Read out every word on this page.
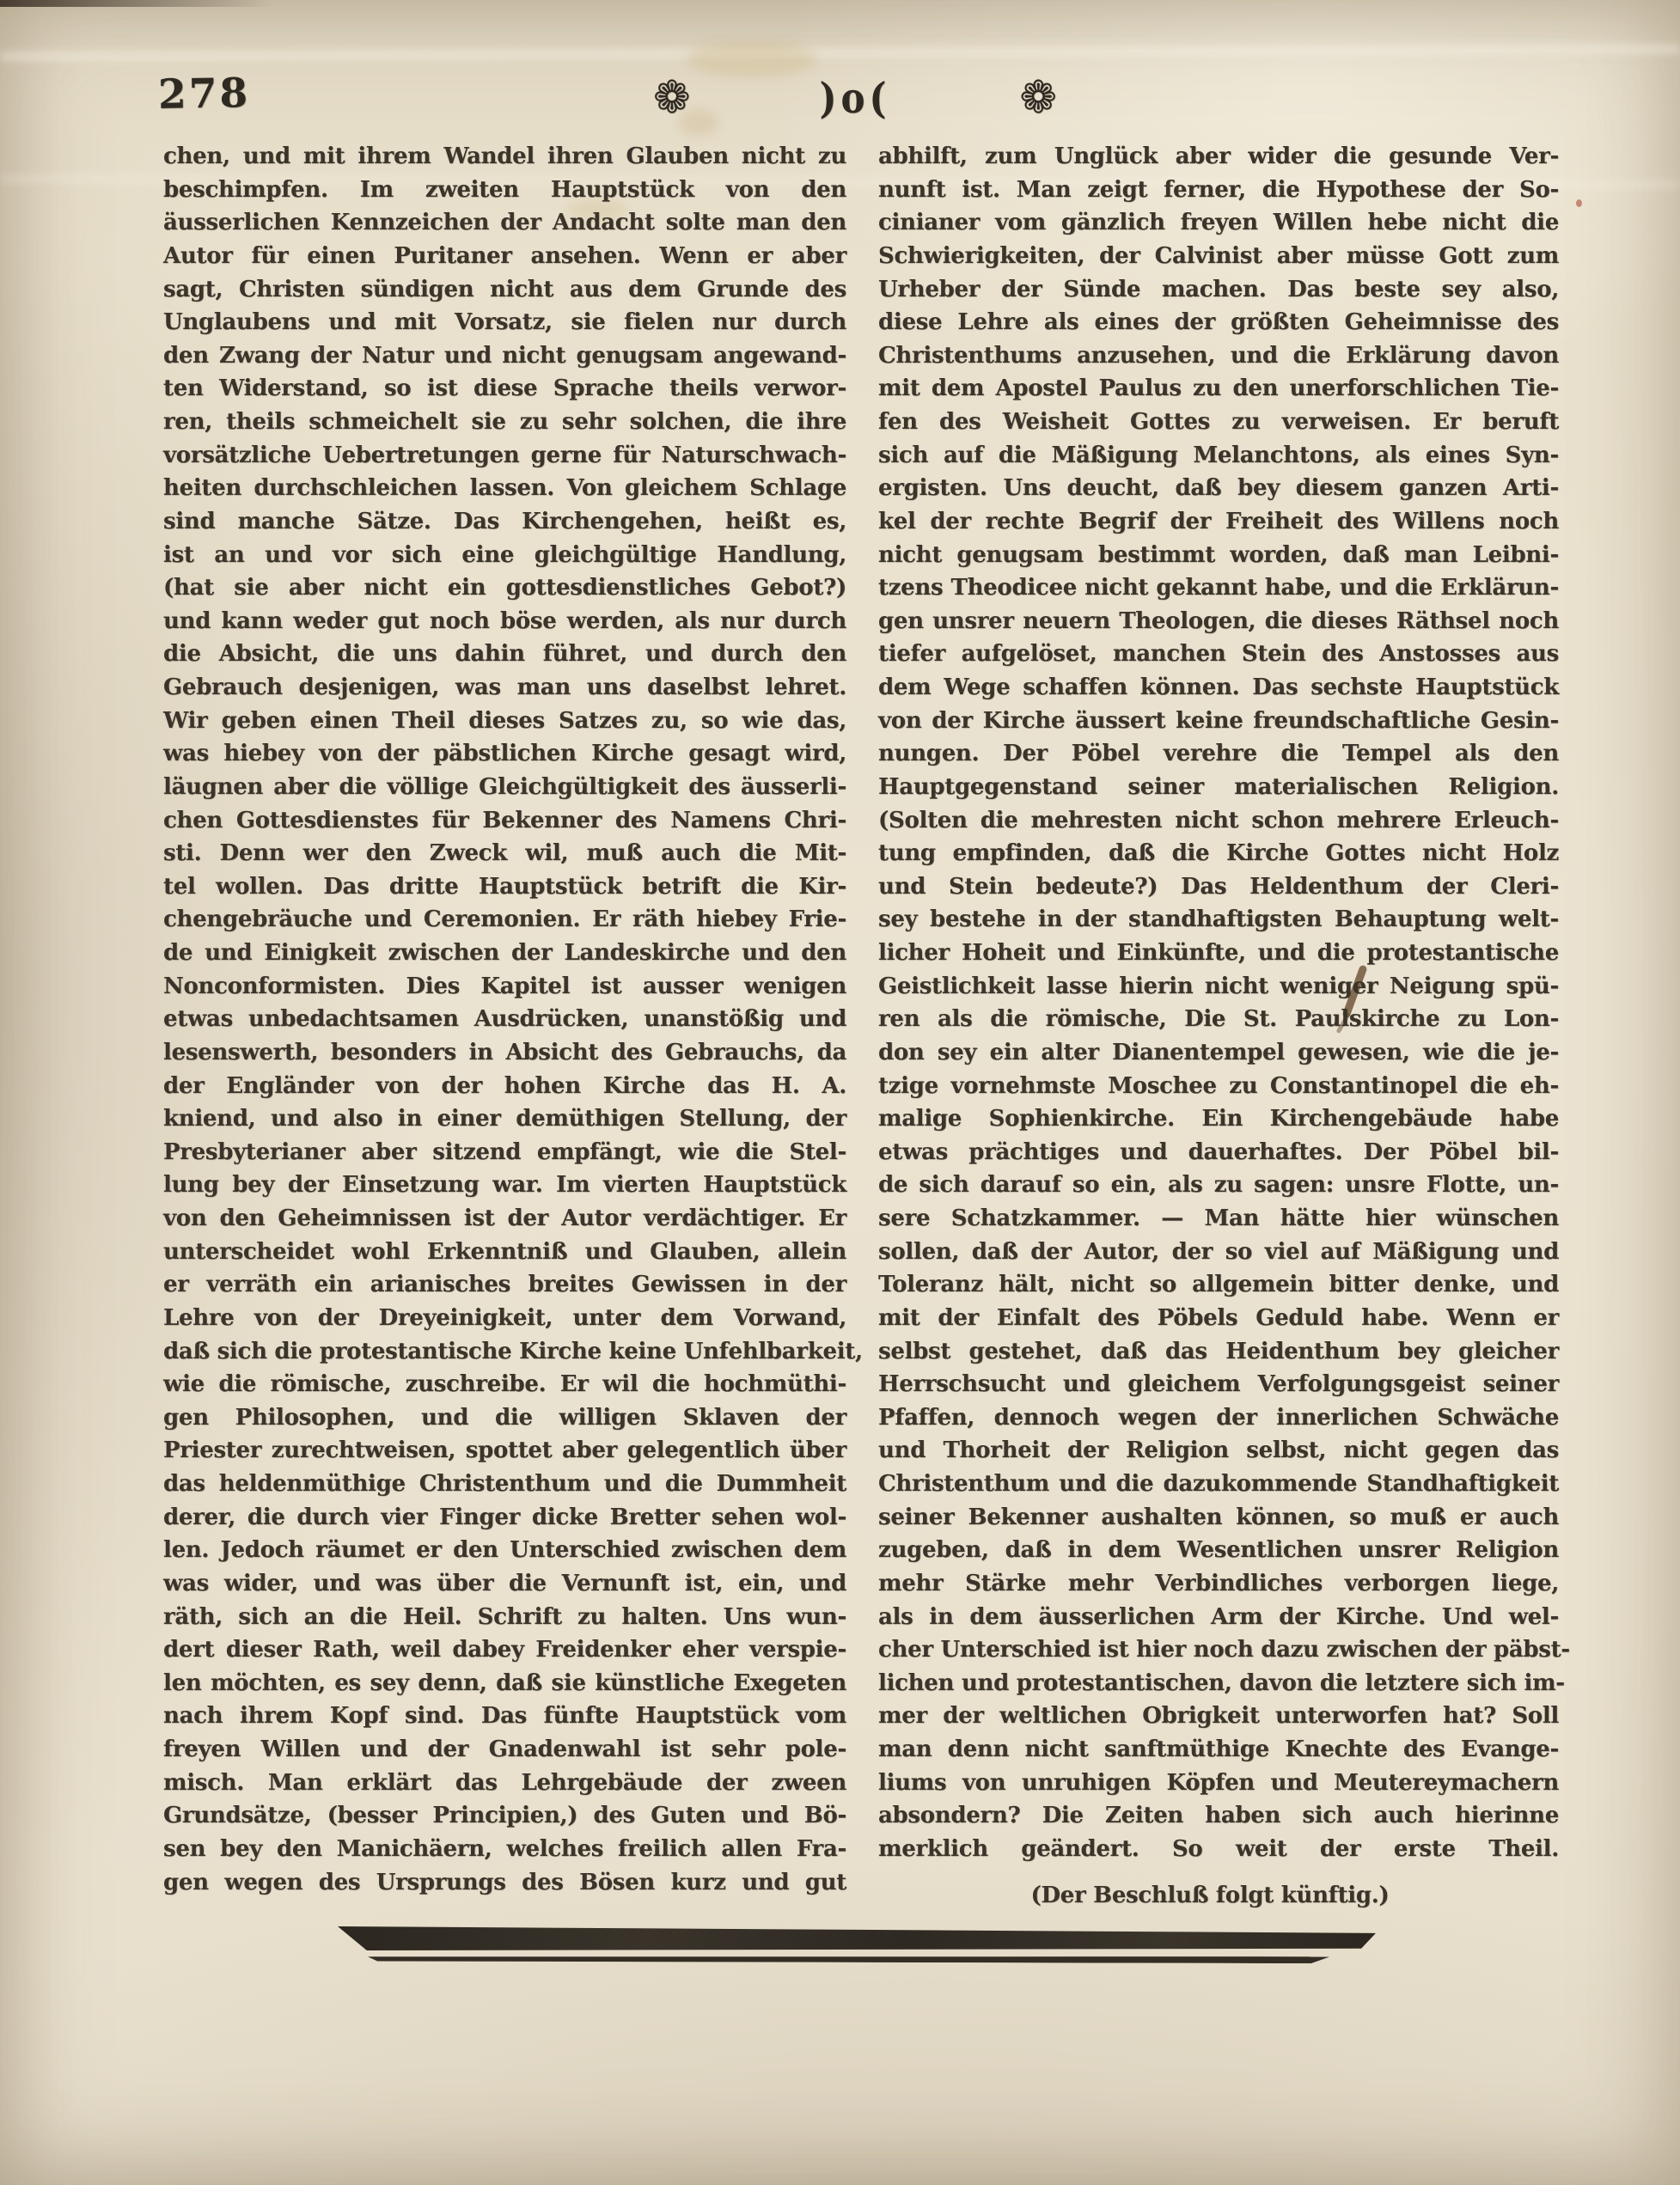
278	❁	)o(	❁
chen, und mit ihrem Wandel ihren Glauben nicht zu
beschimpfen. Im zweiten Hauptstück von den
äusserlichen Kennzeichen der Andacht solte man den
Autor für einen Puritaner ansehen. Wenn er aber
sagt, Christen sündigen nicht aus dem Grunde des
Unglaubens und mit Vorsatz, sie fielen nur durch
den Zwang der Natur und nicht genugsam angewand-
ten Widerstand, so ist diese Sprache theils verwor-
ren, theils schmeichelt sie zu sehr solchen, die ihre
vorsätzliche Uebertretungen gerne für Naturschwach-
heiten durchschleichen lassen. Von gleichem Schlage
sind manche Sätze. Das Kirchengehen, heißt es,
ist an und vor sich eine gleichgültige Handlung,
(hat sie aber nicht ein gottesdienstliches Gebot?)
und kann weder gut noch böse werden, als nur durch
die Absicht, die uns dahin führet, und durch den
Gebrauch desjenigen, was man uns daselbst lehret.
Wir geben einen Theil dieses Satzes zu, so wie das,
was hiebey von der päbstlichen Kirche gesagt wird,
läugnen aber die völlige Gleichgültigkeit des äusserli-
chen Gottesdienstes für Bekenner des Namens Chri-
sti. Denn wer den Zweck wil, muß auch die Mit-
tel wollen. Das dritte Hauptstück betrift die Kir-
chengebräuche und Ceremonien. Er räth hiebey Frie-
de und Einigkeit zwischen der Landeskirche und den
Nonconformisten. Dies Kapitel ist ausser wenigen
etwas unbedachtsamen Ausdrücken, unanstößig und
lesenswerth, besonders in Absicht des Gebrauchs, da
der Engländer von der hohen Kirche das H. A.
kniend, und also in einer demüthigen Stellung, der
Presbyterianer aber sitzend empfängt, wie die Stel-
lung bey der Einsetzung war. Im vierten Hauptstück
von den Geheimnissen ist der Autor verdächtiger. Er
unterscheidet wohl Erkenntniß und Glauben, allein
er verräth ein arianisches breites Gewissen in der
Lehre von der Dreyeinigkeit, unter dem Vorwand,
daß sich die protestantische Kirche keine Unfehlbarkeit,
wie die römische, zuschreibe. Er wil die hochmüthi-
gen Philosophen, und die willigen Sklaven der
Priester zurechtweisen, spottet aber gelegentlich über
das heldenmüthige Christenthum und die Dummheit
derer, die durch vier Finger dicke Bretter sehen wol-
len. Jedoch räumet er den Unterschied zwischen dem
was wider, und was über die Vernunft ist, ein, und
räth, sich an die Heil. Schrift zu halten. Uns wun-
dert dieser Rath, weil dabey Freidenker eher verspie-
len möchten, es sey denn, daß sie künstliche Exegeten
nach ihrem Kopf sind. Das fünfte Hauptstück vom
freyen Willen und der Gnadenwahl ist sehr pole-
misch. Man erklärt das Lehrgebäude der zween
Grundsätze, (besser Principien,) des Guten und Bö-
sen bey den Manichäern, welches freilich allen Fra-
gen wegen des Ursprungs des Bösen kurz und gut
abhilft, zum Unglück aber wider die gesunde Ver-
nunft ist. Man zeigt ferner, die Hypothese der So-
cinianer vom gänzlich freyen Willen hebe nicht die
Schwierigkeiten, der Calvinist aber müsse Gott zum
Urheber der Sünde machen. Das beste sey also,
diese Lehre als eines der größten Geheimnisse des
Christenthums anzusehen, und die Erklärung davon
mit dem Apostel Paulus zu den unerforschlichen Tie-
fen des Weisheit Gottes zu verweisen. Er beruft
sich auf die Mäßigung Melanchtons, als eines Syn-
ergisten. Uns deucht, daß bey diesem ganzen Arti-
kel der rechte Begrif der Freiheit des Willens noch
nicht genugsam bestimmt worden, daß man Leibni-
tzens Theodicee nicht gekannt habe, und die Erklärun-
gen unsrer neuern Theologen, die dieses Räthsel noch
tiefer aufgelöset, manchen Stein des Anstosses aus
dem Wege schaffen können. Das sechste Hauptstück
von der Kirche äussert keine freundschaftliche Gesin-
nungen. Der Pöbel verehre die Tempel als den
Hauptgegenstand seiner materialischen Religion.
(Solten die mehresten nicht schon mehrere Erleuch-
tung empfinden, daß die Kirche Gottes nicht Holz
und Stein bedeute?) Das Heldenthum der Cleri-
sey bestehe in der standhaftigsten Behauptung welt-
licher Hoheit und Einkünfte, und die protestantische
Geistlichkeit lasse hierin nicht weniger Neigung spü-
ren als die römische, Die St. Paulskirche zu Lon-
don sey ein alter Dianentempel gewesen, wie die je-
tzige vornehmste Moschee zu Constantinopel die eh-
malige Sophienkirche. Ein Kirchengebäude habe
etwas prächtiges und dauerhaftes. Der Pöbel bil-
de sich darauf so ein, als zu sagen: unsre Flotte, un-
sere Schatzkammer. — Man hätte hier wünschen
sollen, daß der Autor, der so viel auf Mäßigung und
Toleranz hält, nicht so allgemein bitter denke, und
mit der Einfalt des Pöbels Geduld habe. Wenn er
selbst gestehet, daß das Heidenthum bey gleicher
Herrschsucht und gleichem Verfolgungsgeist seiner
Pfaffen, dennoch wegen der innerlichen Schwäche
und Thorheit der Religion selbst, nicht gegen das
Christenthum und die dazukommende Standhaftigkeit
seiner Bekenner aushalten können, so muß er auch
zugeben, daß in dem Wesentlichen unsrer Religion
mehr Stärke mehr Verbindliches verborgen liege,
als in dem äusserlichen Arm der Kirche. Und wel-
cher Unterschied ist hier noch dazu zwischen der päbst-
lichen und protestantischen, davon die letztere sich im-
mer der weltlichen Obrigkeit unterworfen hat? Soll
man denn nicht sanftmüthige Knechte des Evange-
liums von unruhigen Köpfen und Meutereymachern
absondern? Die Zeiten haben sich auch hierinne
merklich geändert. So weit der erste Theil.
(Der Beschluß folgt künftig.)
